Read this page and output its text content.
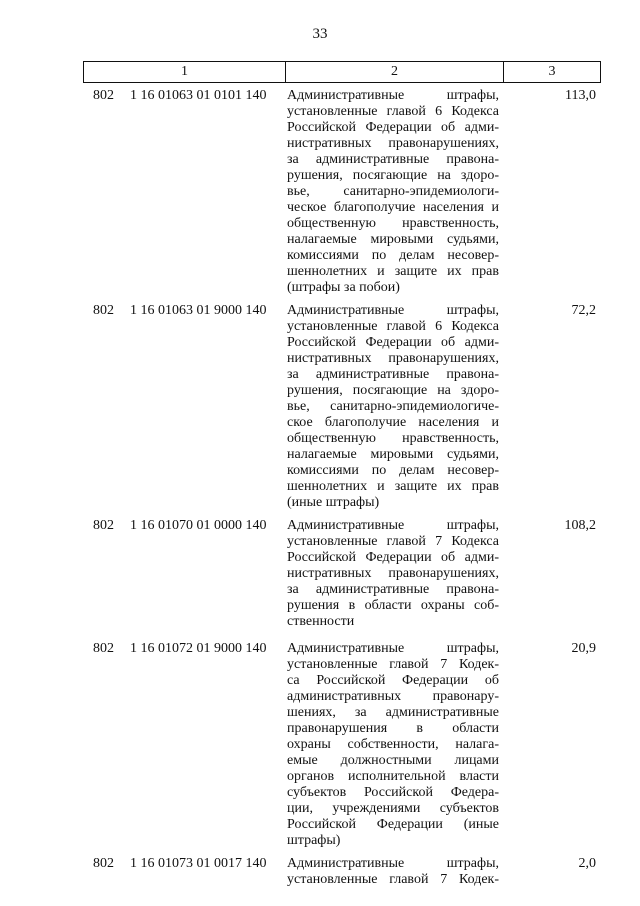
33
1	2	3
802 1 16 01063 01 0101 140 Административные штрафы,
установленные главой 6 Кодекса
Российской Федерации об адми-
нистративных правонарушениях,
за административные правона-
рушения, посягающие на здоро-
вье, санитарно-эпидемиологи-
ческое благополучие населения и
общественную нравственность,
налагаемые мировыми судьями,
комиссиями по делам несовер-
шеннолетних и защите их прав
(штрафы за побои)
113,0
802 1 16 01063 01 9000 140 Административные штрафы,
установленные главой 6 Кодекса
Российской Федерации об адми-
нистративных правонарушениях,
за административные правона-
рушения, посягающие на здоро-
вье, санитарно-эпидемиологиче-
ское благополучие населения и
общественную нравственность,
налагаемые мировыми судьями,
комиссиями по делам несовер-
шеннолетних и защите их прав
(иные штрафы)
72,2
802 1 16 01070 01 0000 140 Административные штрафы,
установленные главой 7 Кодекса
Российской Федерации об адми-
нистративных правонарушениях,
за административные правона-
рушения в области охраны соб-
ственности
108,2
802 1 16 01072 01 9000 140 Административные штрафы,
установленные главой 7 Кодек-
са Российской Федерации об
административных правонару-
шениях, за административные
правонарушения в области
охраны собственности, налага-
емые должностными лицами
органов исполнительной власти
субъектов Российской Федера-
ции, учреждениями субъектов
Российской Федерации (иные
штрафы)
20,9
802 1 16 01073 01 0017 140 Административные штрафы,
установленные главой 7 Кодек-
2,0
